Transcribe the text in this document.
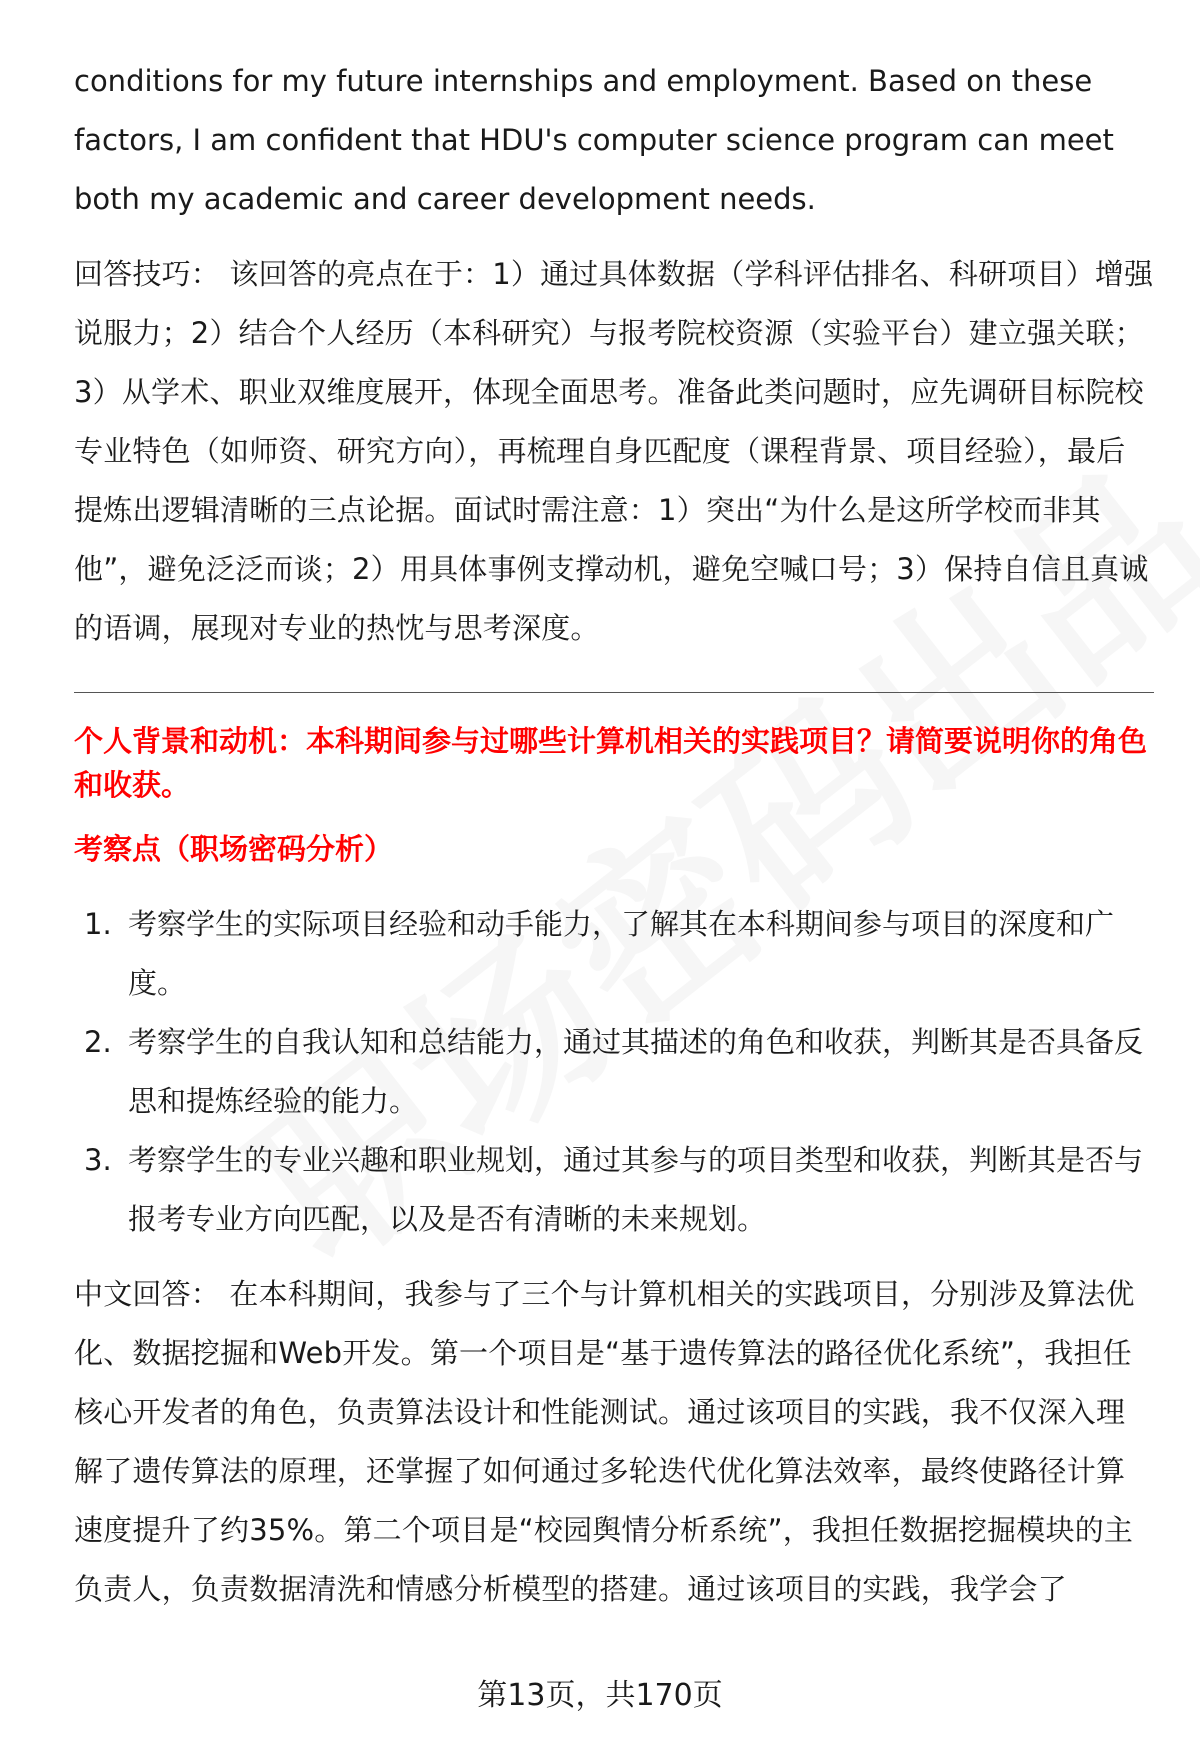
conditions for my future internships and employment. Based on these factors, I am confident that HDU's computer science program can meet both my academic and career development needs.

回答技巧： 该回答的亮点在于：1）通过具体数据（学科评估排名、科研项目）增强说服力；2）结合个人经历（本科研究）与报考院校资源（实验平台）建立强关联；3）从学术、职业双维度展开，体现全面思考。准备此类问题时，应先调研目标院校专业特色（如师资、研究方向），再梳理自身匹配度（课程背景、项目经验），最后提炼出逻辑清晰的三点论据。面试时需注意：1）突出“为什么是这所学校而非其他”，避免泛泛而谈；2）用具体事例支撑动机，避免空喊口号；3）保持自信且真诚的语调，展现对专业的热忱与思考深度。

个人背景和动机：本科期间参与过哪些计算机相关的实践项目？请简要说明你的角色和收获。

考察点（职场密码分析）

1. 考察学生的实际项目经验和动手能力，了解其在本科期间参与项目的深度和广度。
2. 考察学生的自我认知和总结能力，通过其描述的角色和收获，判断其是否具备反思和提炼经验的能力。
3. 考察学生的专业兴趣和职业规划，通过其参与的项目类型和收获，判断其是否与报考专业方向匹配，以及是否有清晰的未来规划。

中文回答： 在本科期间，我参与了三个与计算机相关的实践项目，分别涉及算法优化、数据挖掘和Web开发。第一个项目是“基于遗传算法的路径优化系统”，我担任核心开发者的角色，负责算法设计和性能测试。通过该项目的实践，我不仅深入理解了遗传算法的原理，还掌握了如何通过多轮迭代优化算法效率，最终使路径计算速度提升了约35%。第二个项目是“校园舆情分析系统”，我担任数据挖掘模块的主负责人，负责数据清洗和情感分析模型的搭建。通过该项目的实践，我学会了

第13页，共170页
